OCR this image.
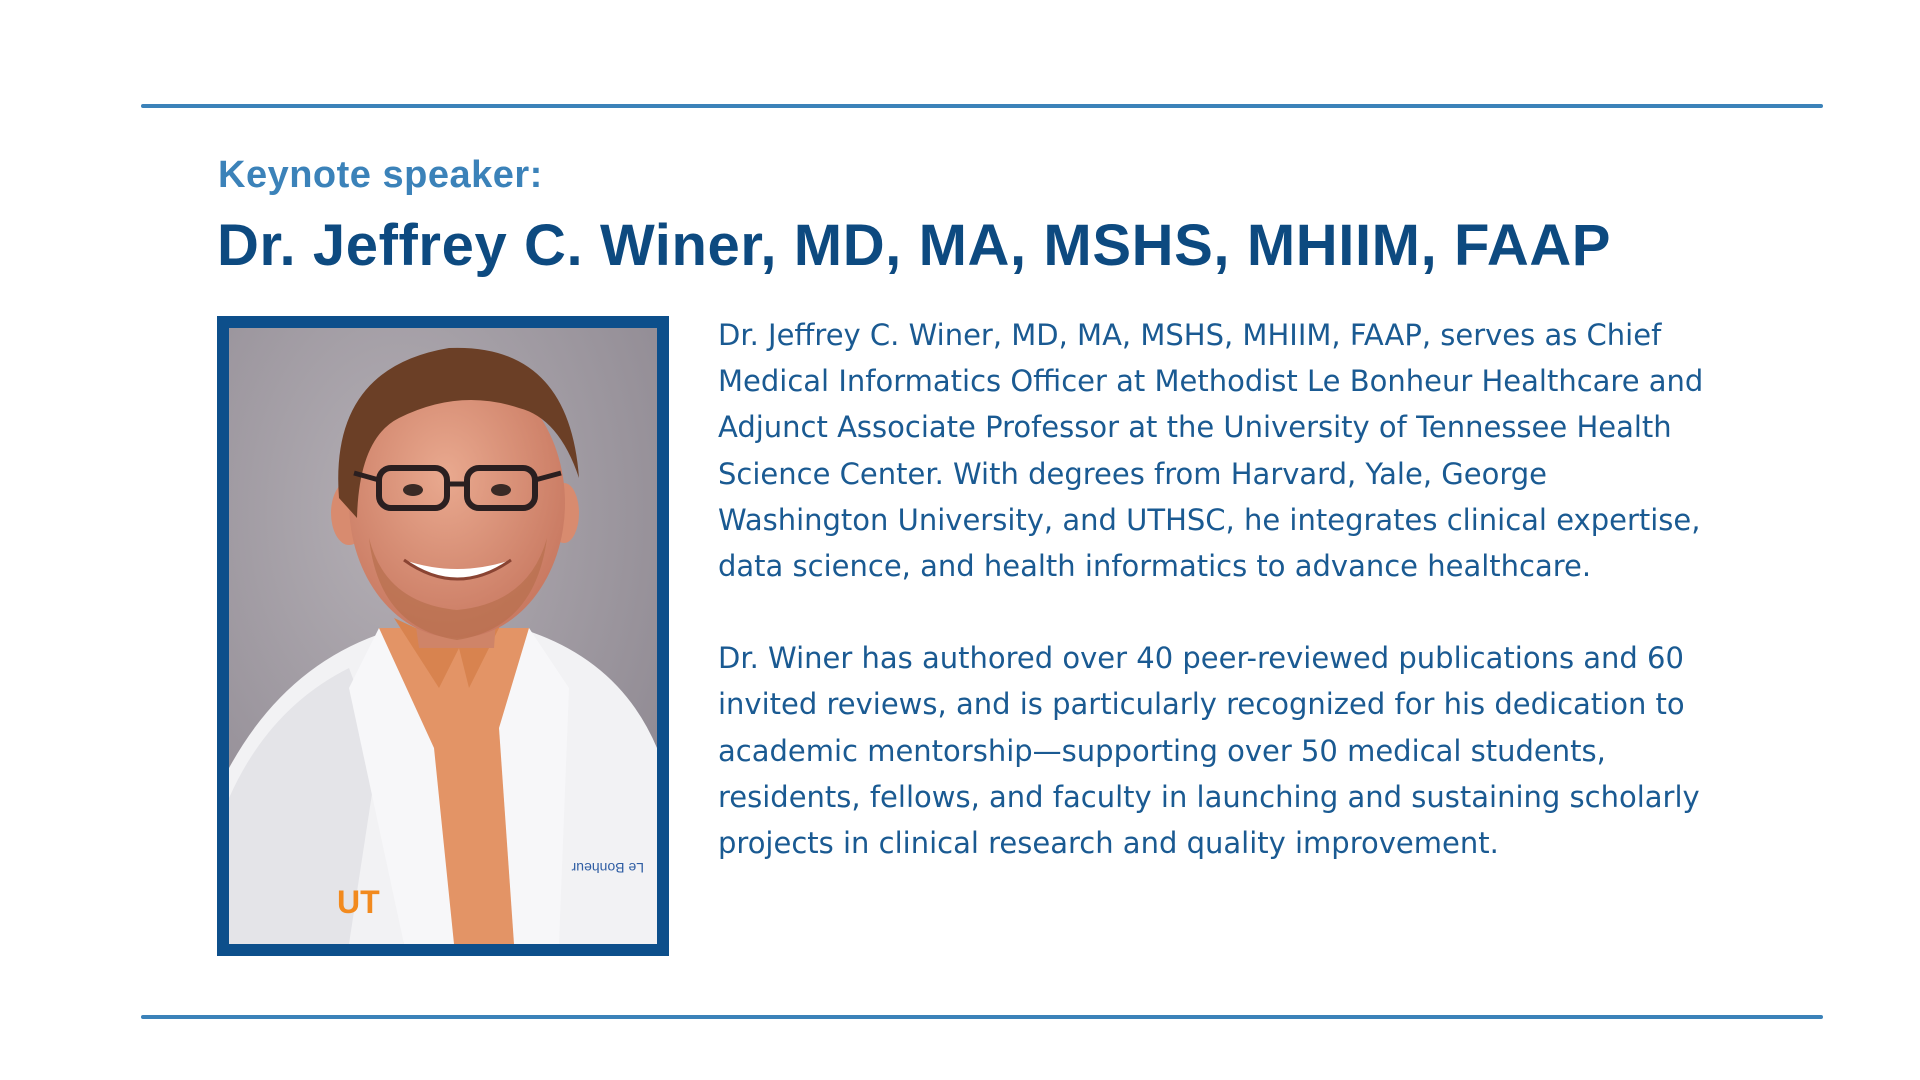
Keynote speaker:
Dr. Jeffrey C. Winer, MD, MA, MSHS, MHIIM, FAAP
UT
Le Bonheur

Dr. Jeffrey C. Winer, MD, MA, MSHS, MHIIM, FAAP, serves as Chief Medical Informatics Officer at Methodist Le Bonheur Healthcare and Adjunct Associate Professor at the University of Tennessee Health Science Center. With degrees from Harvard, Yale, George Washington University, and UTHSC, he integrates clinical expertise, data science, and health informatics to advance healthcare.

Dr. Winer has authored over 40 peer-reviewed publications and 60 invited reviews, and is particularly recognized for his dedication to academic mentorship—supporting over 50 medical students, residents, fellows, and faculty in launching and sustaining scholarly projects in clinical research and quality improvement.
